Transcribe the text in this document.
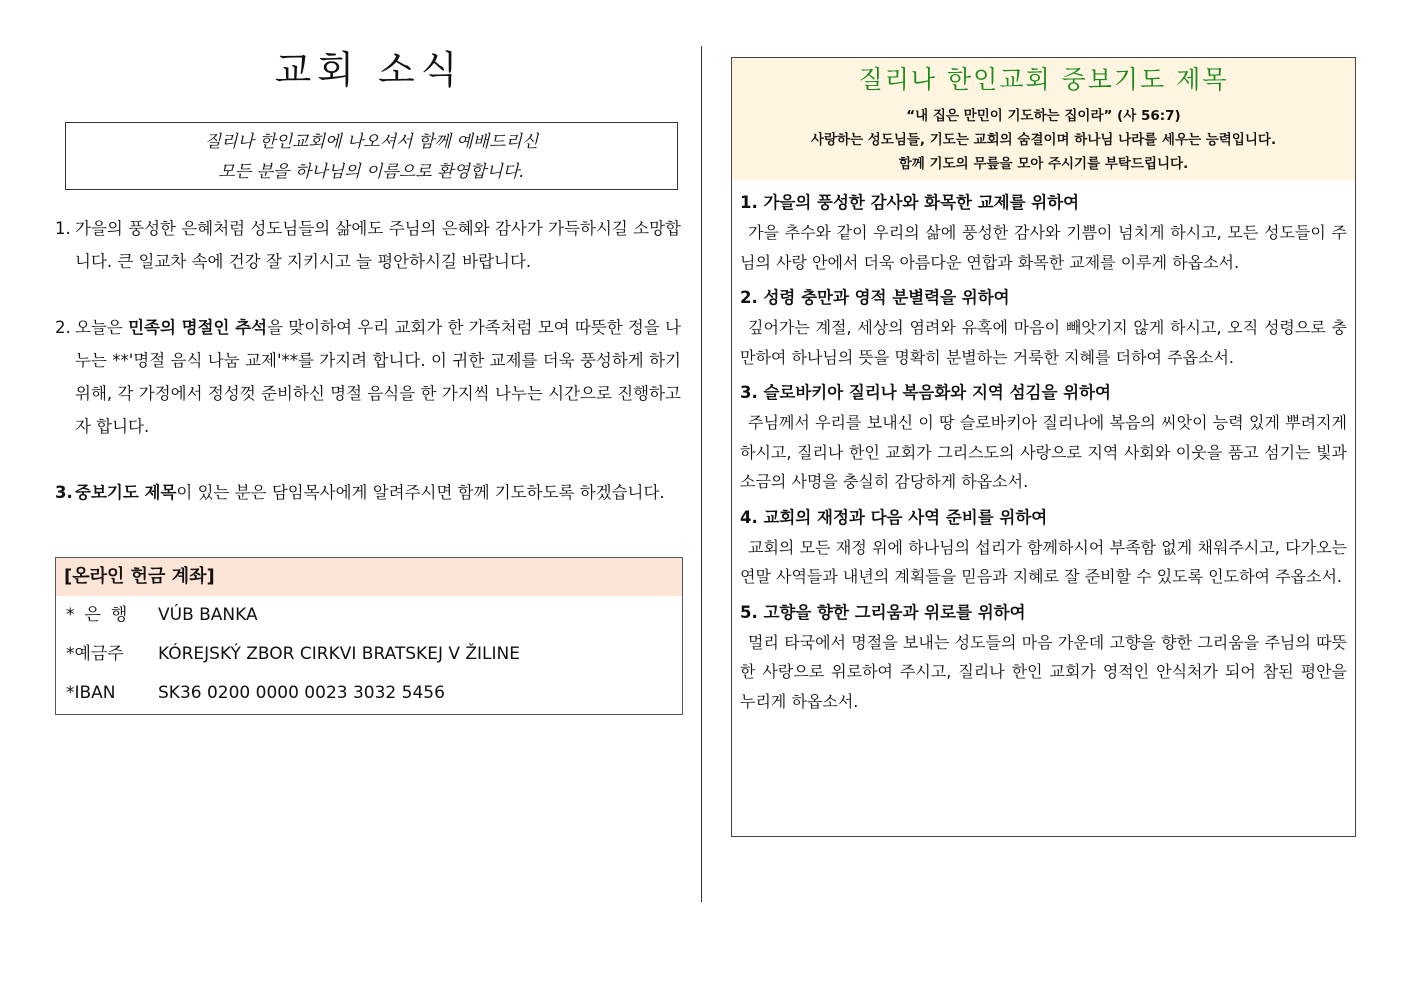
교회 소식
질리나 한인교회에 나오셔서 함께 예배드리신
모든 분을 하나님의 이름으로 환영합니다.
1. 가을의 풍성한 은혜처럼 성도님들의 삶에도 주님의 은혜와 감사가 가득하시길 소망합니다. 큰 일교차 속에 건강 잘 지키시고 늘 평안하시길 바랍니다.
2. 오늘은 민족의 명절인 추석을 맞이하여 우리 교회가 한 가족처럼 모여 따뜻한 정을 나누는 **'명절 음식 나눔 교제'**를 가지려 합니다. 이 귀한 교제를 더욱 풍성하게 하기 위해, 각 가정에서 정성껏 준비하신 명절 음식을 한 가지씩 나누는 시간으로 진행하고자 합니다.
3. 중보기도 제목이 있는 분은 담임목사에게 알려주시면 함께 기도하도록 하겠습니다.
[온라인 헌금 계좌]
*은행	VÚB BANKA
*예금주	KÓREJSKÝ ZBOR CIRKVI BRATSKEJ V ŽILINE
*IBAN	SK36 0200 0000 0023 3032 5456
질리나 한인교회 중보기도 제목
“내 집은 만민이 기도하는 집이라” (사 56:7)
사랑하는 성도님들, 기도는 교회의 숨결이며 하나님 나라를 세우는 능력입니다.
함께 기도의 무릎을 모아 주시기를 부탁드립니다.
1. 가을의 풍성한 감사와 화목한 교제를 위하여
가을 추수와 같이 우리의 삶에 풍성한 감사와 기쁨이 넘치게 하시고, 모든 성도들이 주님의 사랑 안에서 더욱 아름다운 연합과 화목한 교제를 이루게 하옵소서.
2. 성령 충만과 영적 분별력을 위하여
깊어가는 계절, 세상의 염려와 유혹에 마음이 빼앗기지 않게 하시고, 오직 성령으로 충만하여 하나님의 뜻을 명확히 분별하는 거룩한 지혜를 더하여 주옵소서.
3. 슬로바키아 질리나 복음화와 지역 섬김을 위하여
주님께서 우리를 보내신 이 땅 슬로바키아 질리나에 복음의 씨앗이 능력 있게 뿌려지게 하시고, 질리나 한인 교회가 그리스도의 사랑으로 지역 사회와 이웃을 품고 섬기는 빛과 소금의 사명을 충실히 감당하게 하옵소서.
4. 교회의 재정과 다음 사역 준비를 위하여
교회의 모든 재정 위에 하나님의 섭리가 함께하시어 부족함 없게 채워주시고, 다가오는 연말 사역들과 내년의 계획들을 믿음과 지혜로 잘 준비할 수 있도록 인도하여 주옵소서.
5. 고향을 향한 그리움과 위로를 위하여
멀리 타국에서 명절을 보내는 성도들의 마음 가운데 고향을 향한 그리움을 주님의 따뜻한 사랑으로 위로하여 주시고, 질리나 한인 교회가 영적인 안식처가 되어 참된 평안을 누리게 하옵소서.
